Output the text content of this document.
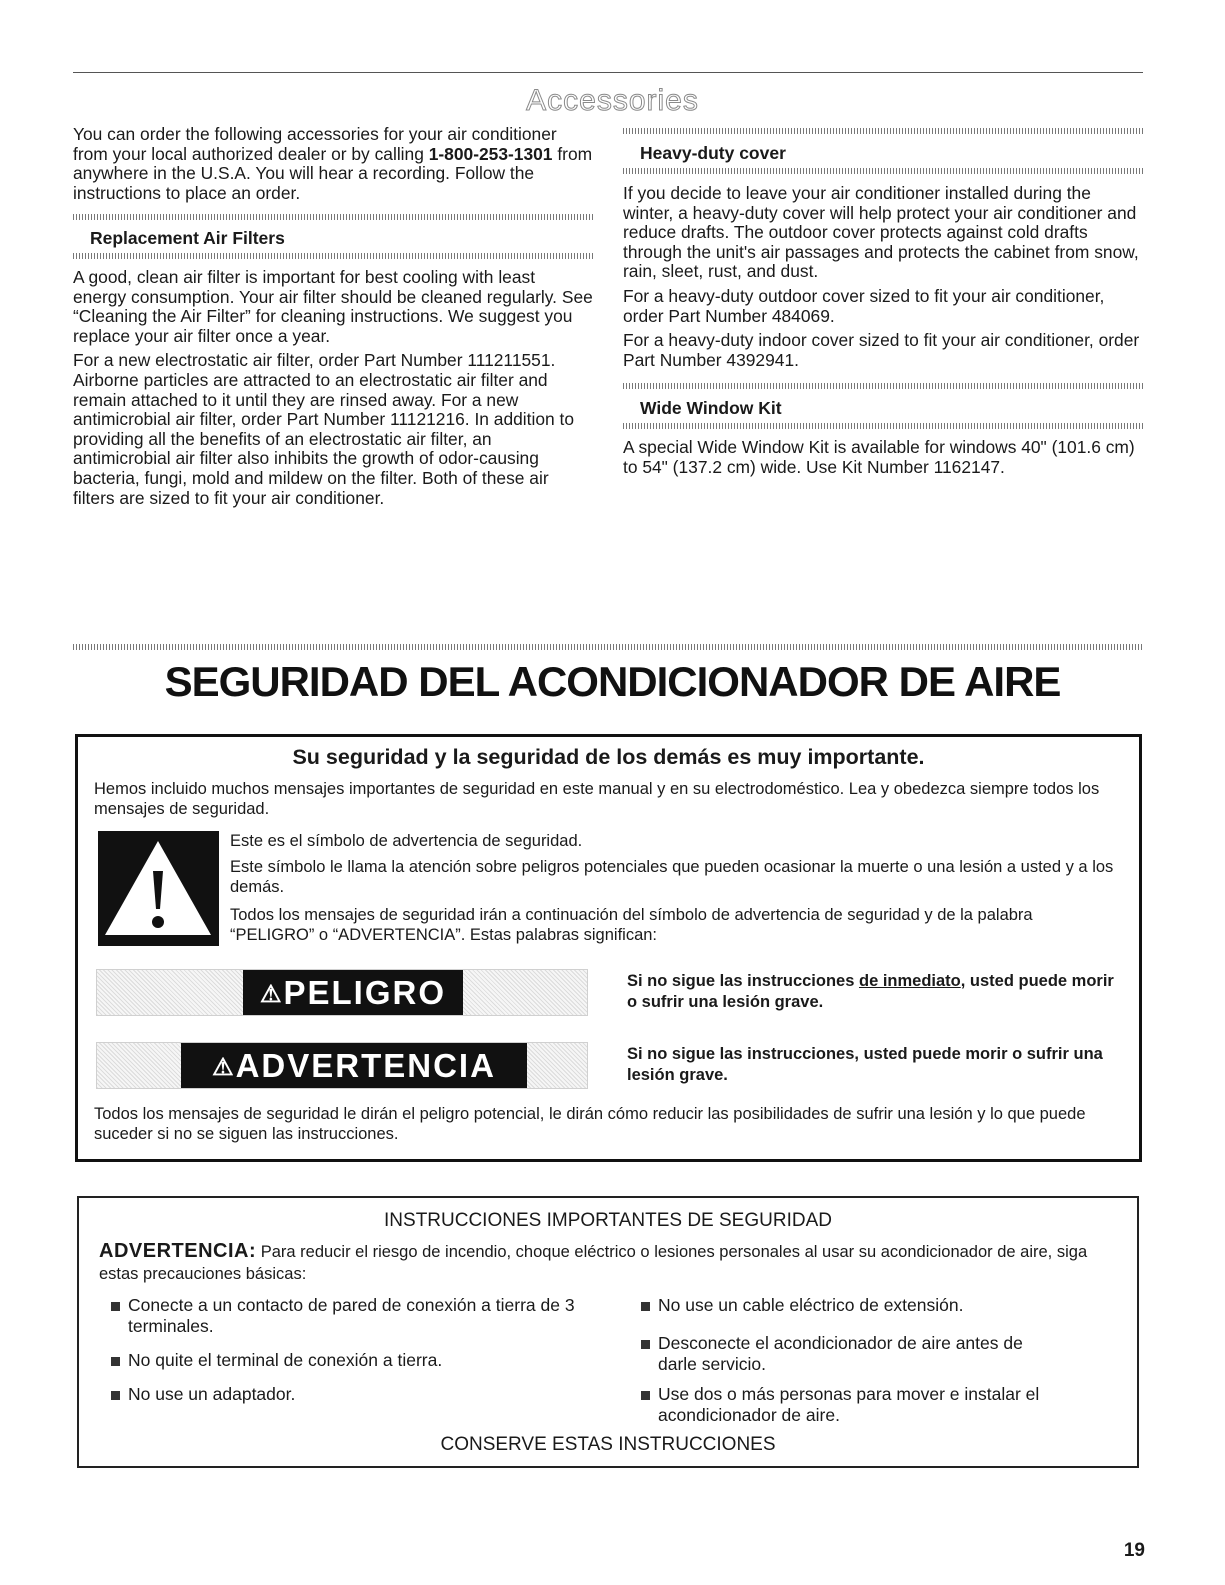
Accessories
You can order the following accessories for your air conditioner from your local authorized dealer or by calling 1-800-253-1301 from anywhere in the U.S.A. You will hear a recording. Follow the instructions to place an order.
Replacement Air Filters

A good, clean air filter is important for best cooling with least energy consumption. Your air filter should be cleaned regularly. See “Cleaning the Air Filter” for cleaning instructions. We suggest you replace your air filter once a year.

For a new electrostatic air filter, order Part Number 111211551. Airborne particles are attracted to an electrostatic air filter and remain attached to it until they are rinsed away. For a new antimicrobial air filter, order Part Number 11121216. In addition to providing all the benefits of an electrostatic air filter, an antimicrobial air filter also inhibits the growth of odor-causing bacteria, fungi, mold and mildew on the filter. Both of these air filters are sized to fit your air conditioner.

Heavy-duty cover

If you decide to leave your air conditioner installed during the winter, a heavy-duty cover will help protect your air conditioner and reduce drafts. The outdoor cover protects against cold drafts through the unit's air passages and protects the cabinet from snow, rain, sleet, rust, and dust.

For a heavy-duty outdoor cover sized to fit your air conditioner, order Part Number 484069.

For a heavy-duty indoor cover sized to fit your air conditioner, order Part Number 4392941.

Wide Window Kit

A special Wide Window Kit is available for windows 40" (101.6 cm) to 54" (137.2 cm) wide. Use Kit Number 1162147.

SEGURIDAD DEL ACONDICIONADOR DE AIRE
Su seguridad y la seguridad de los demás es muy importante.
Hemos incluido muchos mensajes importantes de seguridad en este manual y en su electrodoméstico. Lea y obedezca siempre todos los mensajes de seguridad.
Este es el símbolo de advertencia de seguridad.
Este símbolo le llama la atención sobre peligros potenciales que pueden ocasionar la muerte o una lesión a usted y a los demás.
Todos los mensajes de seguridad irán a continuación del símbolo de advertencia de seguridad y de la palabra “PELIGRO” o “ADVERTENCIA”. Estas palabras significan:
⚠PELIGRO	Si no sigue las instrucciones de inmediato, usted puede morir o sufrir una lesión grave.
⚠ADVERTENCIA	Si no sigue las instrucciones, usted puede morir o sufrir una lesión grave.
Todos los mensajes de seguridad le dirán el peligro potencial, le dirán cómo reducir las posibilidades de sufrir una lesión y lo que puede suceder si no se siguen las instrucciones.
INSTRUCCIONES IMPORTANTES DE SEGURIDAD
ADVERTENCIA: Para reducir el riesgo de incendio, choque eléctrico o lesiones personales al usar su acondicionador de aire, siga estas precauciones básicas:
Conecte a un contacto de pared de conexión a tierra de 3 terminales.
No quite el terminal de conexión a tierra.
No use un adaptador.
No use un cable eléctrico de extensión.
Desconecte el acondicionador de aire antes de darle servicio.
Use dos o más personas para mover e instalar el acondicionador de aire.
CONSERVE ESTAS INSTRUCCIONES
19
